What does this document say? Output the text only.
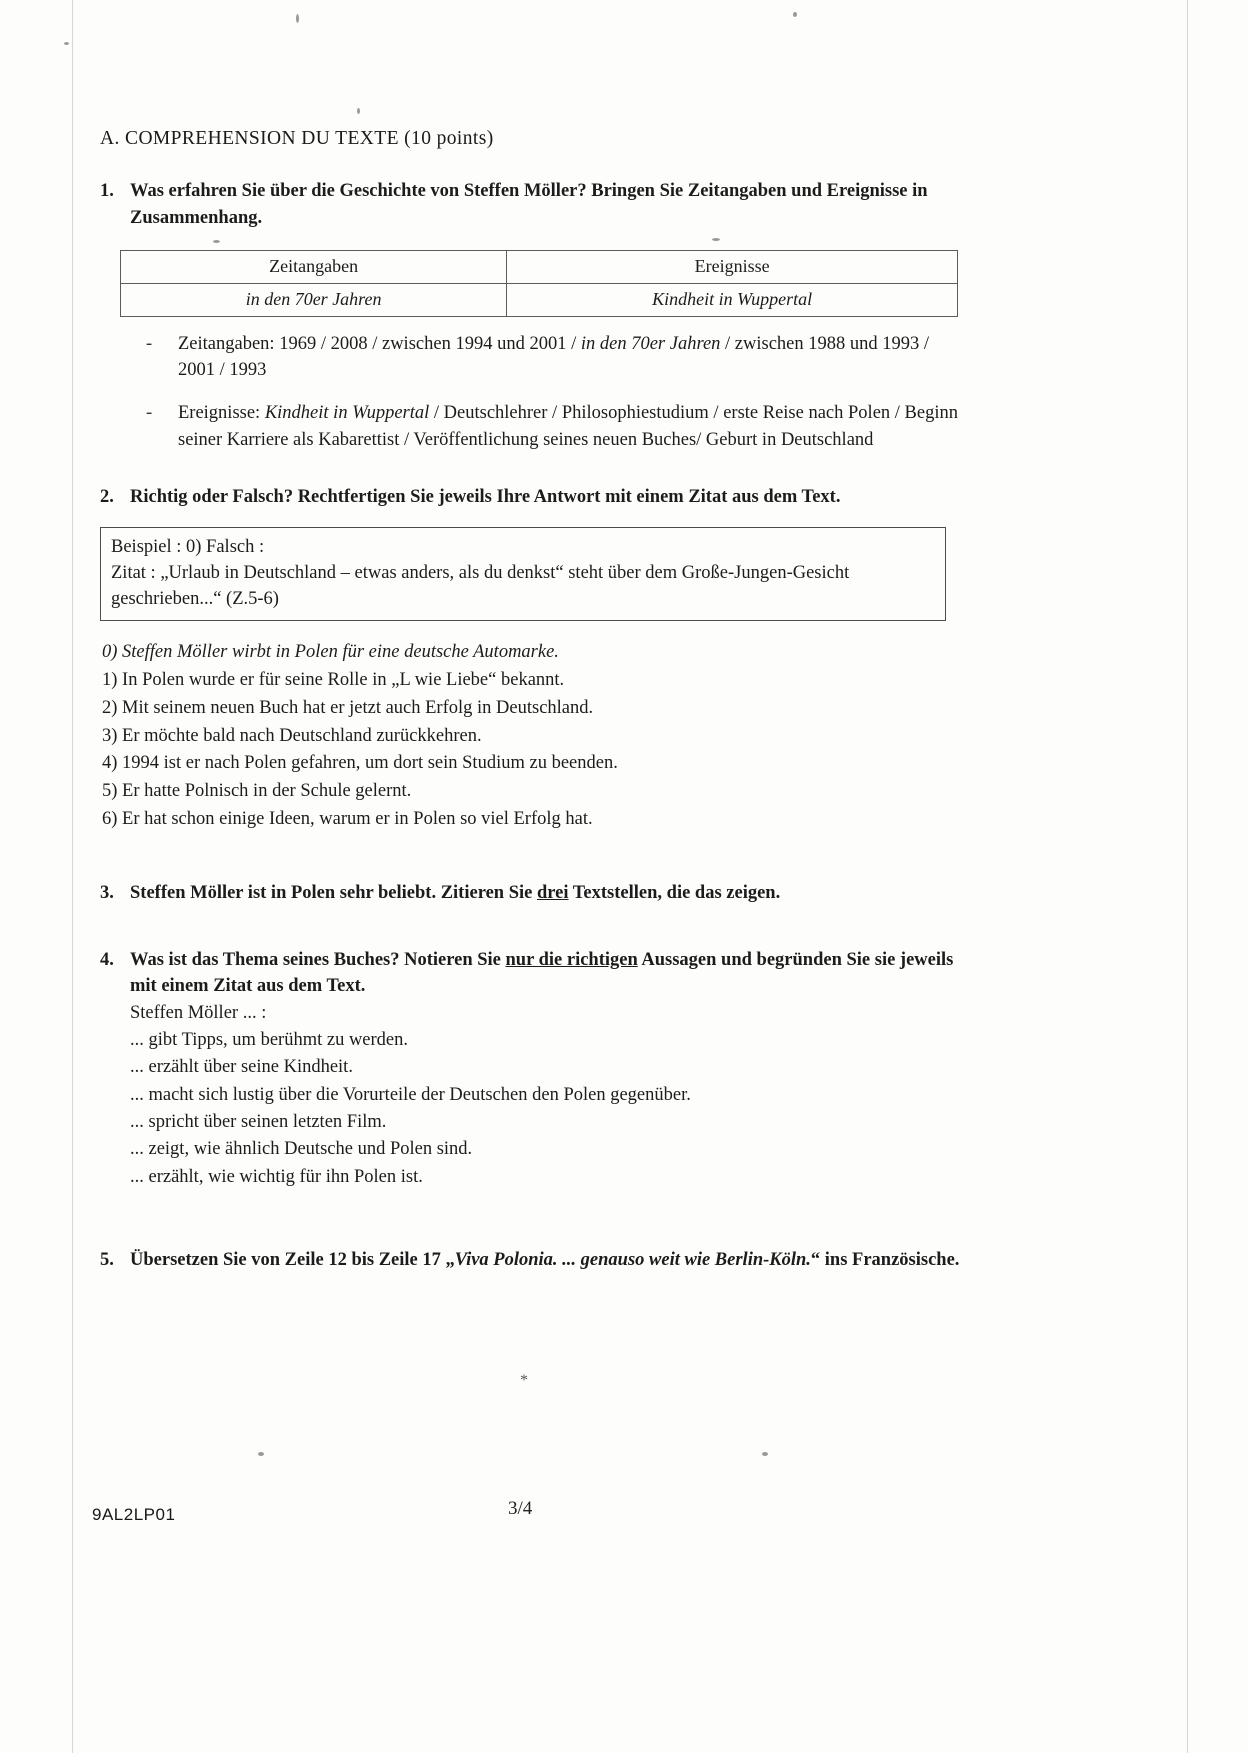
A. COMPREHENSION DU TEXTE (10 points)
1. Was erfahren Sie über die Geschichte von Steffen Möller? Bringen Sie Zeitangaben und Ereignisse in Zusammenhang.
Zeitangaben	Ereignisse
in den 70er Jahren	Kindheit in Wuppertal
- Zeitangaben: 1969 / 2008 / zwischen 1994 und 2001 / in den 70er Jahren / zwischen 1988 und 1993 / 2001 / 1993
- Ereignisse: Kindheit in Wuppertal / Deutschlehrer / Philosophiestudium / erste Reise nach Polen / Beginn seiner Karriere als Kabarettist / Veröffentlichung seines neuen Buches/ Geburt in Deutschland
2. Richtig oder Falsch? Rechtfertigen Sie jeweils Ihre Antwort mit einem Zitat aus dem Text.
Beispiel : 0) Falsch :
Zitat : „Urlaub in Deutschland – etwas anders, als du denkst“ steht über dem Große-Jungen-Gesicht geschrieben...“ (Z.5-6)
0) Steffen Möller wirbt in Polen für eine deutsche Automarke.
1) In Polen wurde er für seine Rolle in „L wie Liebe“ bekannt.
2) Mit seinem neuen Buch hat er jetzt auch Erfolg in Deutschland.
3) Er möchte bald nach Deutschland zurückkehren.
4) 1994 ist er nach Polen gefahren, um dort sein Studium zu beenden.
5) Er hatte Polnisch in der Schule gelernt.
6) Er hat schon einige Ideen, warum er in Polen so viel Erfolg hat.
3. Steffen Möller ist in Polen sehr beliebt. Zitieren Sie drei Textstellen, die das zeigen.
4. Was ist das Thema seines Buches? Notieren Sie nur die richtigen Aussagen und begründen Sie sie jeweils mit einem Zitat aus dem Text.
Steffen Möller ... :
... gibt Tipps, um berühmt zu werden.
... erzählt über seine Kindheit.
... macht sich lustig über die Vorurteile der Deutschen den Polen gegenüber.
... spricht über seinen letzten Film.
... zeigt, wie ähnlich Deutsche und Polen sind.
... erzählt, wie wichtig für ihn Polen ist.
5. Übersetzen Sie von Zeile 12 bis Zeile 17 „Viva Polonia. ... genauso weit wie Berlin-Köln.“ ins Französische.
*
9AL2LP01	3/4
